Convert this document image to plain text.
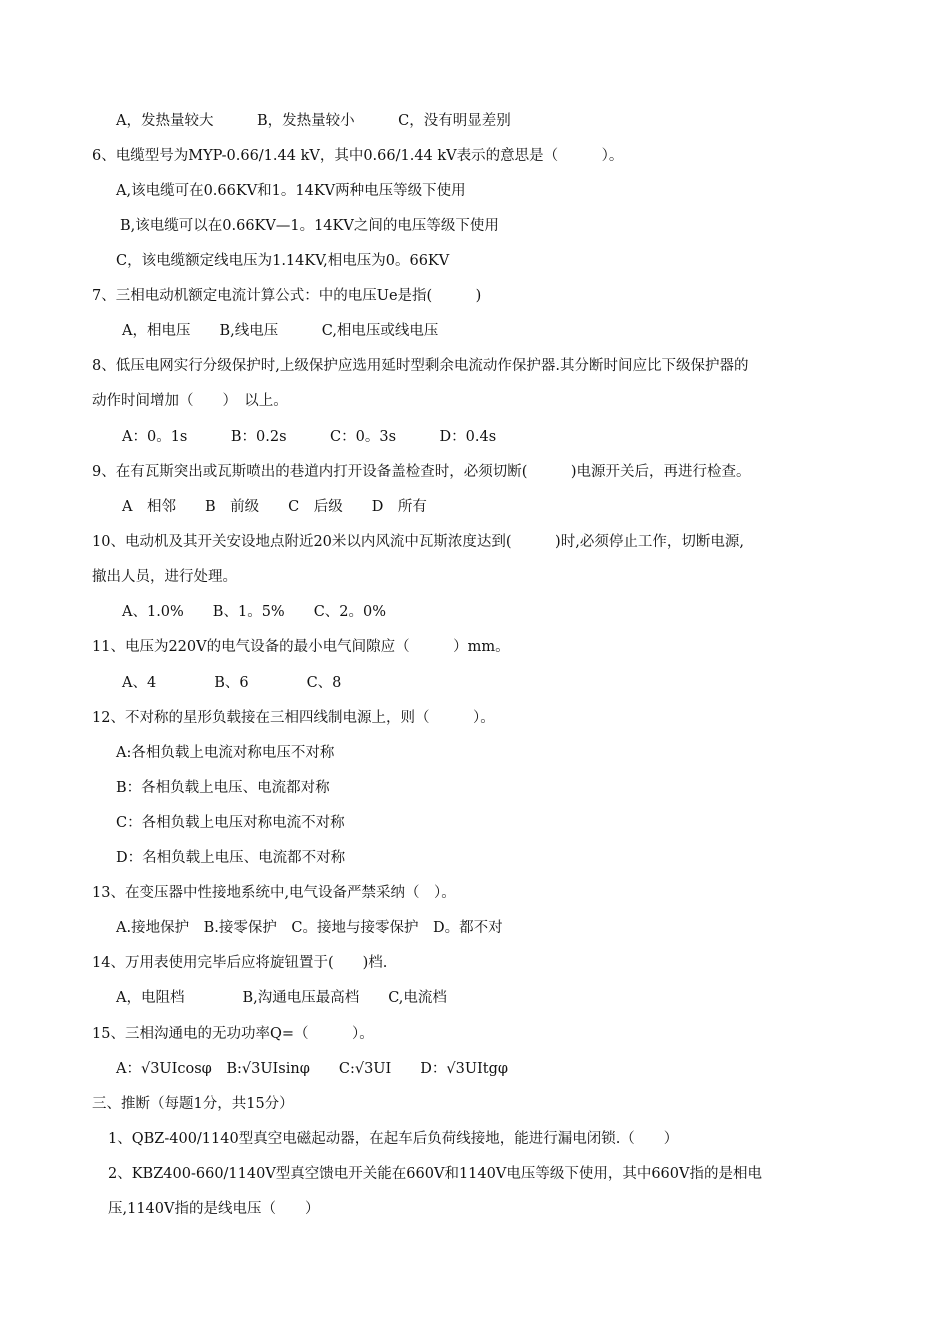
A，发热量较大　　　B，发热量较小　　　C，没有明显差别
6、电缆型号为MYP-0.66/1.44 kV，其中0.66/1.44 kV表示的意思是（　　　）。
A,该电缆可在0.66KV和1。14KV两种电压等级下使用
B,该电缆可以在0.66KV—1。14KV之间的电压等级下使用
C，该电缆额定线电压为1.14KV,相电压为0。66KV
7、三相电动机额定电流计算公式：中的电压Ue是指(　　　)
A，相电压　　B,线电压　　　C,相电压或线电压
8、低压电网实行分级保护时,上级保护应选用延时型剩余电流动作保护器.其分断时间应比下级保护器的
动作时间增加（　　）　以上。
A：0。1s　　　B：0.2s　　　C：0。3s　　　D：0.4s
9、在有瓦斯突出或瓦斯喷出的巷道内打开设备盖检查时，必须切断(　　　)电源开关后，再进行检查。
A　相邻　　B　前级　　C　后级　　D　所有
10、电动机及其开关安设地点附近20米以内风流中瓦斯浓度达到(　　　)时,必须停止工作，切断电源,
撤出人员，进行处理。
A、1.0%　　B、1。5%　　C、2。0%
11、电压为220V的电气设备的最小电气间隙应（　　　）mm。
A、4　　　　B、6　　　　C、8
12、不对称的星形负载接在三相四线制电源上，则（　　　）。
A:各相负载上电流对称电压不对称
B：各相负载上电压、电流都对称
C：各相负载上电压对称电流不对称
D：名相负载上电压、电流都不对称
13、在变压器中性接地系统中,电气设备严禁采纳（　）。
A.接地保护　B.接零保护　C。接地与接零保护　D。都不对
14、万用表使用完毕后应将旋钮置于(　　)档.
A，电阻档　　　　B,沟通电压最高档　　C,电流档
15、三相沟通电的无功功率Q=（　　　）。
A：√3UIcosφ　B:√3UIsinφ　　C:√3UI　　D：√3UItgφ
三、推断（每题1分，共15分）
1、QBZ-400/1140型真空电磁起动器，在起车后负荷线接地，能进行漏电闭锁.（　　）
2、KBZ400-660/1140V型真空馈电开关能在660V和1140V电压等级下使用，其中660V指的是相电
压,1140V指的是线电压（　　）
